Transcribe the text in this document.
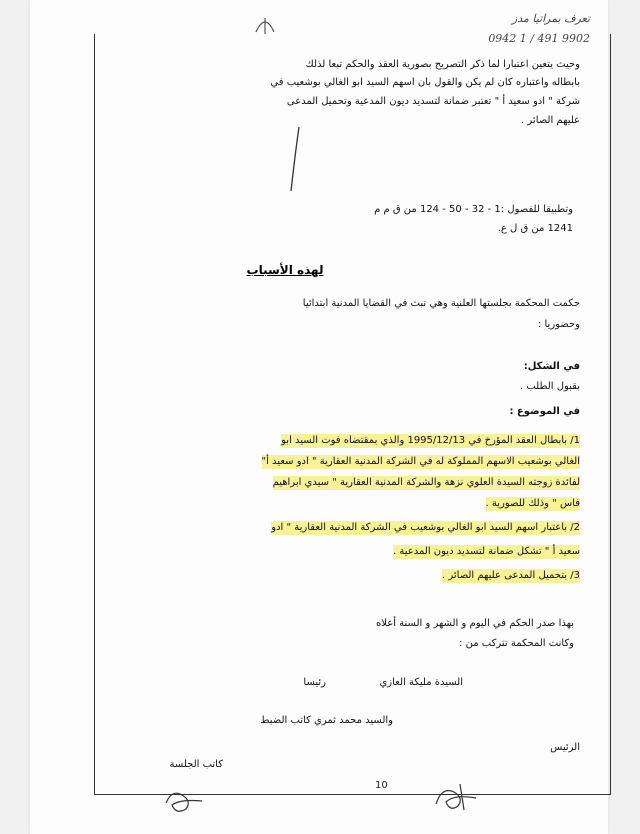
تعرف بمراتيا مدز
0942 1 / 491 9902
وحيث يتعين اعتبارا لما ذكر التصريح بصورية العقد والحكم تبعا لذلك
بابطاله واعتباره كان لم يكن والقول بان اسهم السيد ابو الغالي بوشعيب في
شركة " ادو سعيد أ " تعتبر ضمانة لتسديد ديون المدعية وتحميل المدعى
عليهم الصائر .
وتطبيقا للفصول :1 - 32 - 50 - 124 من ق م م
1241 من ق ل ع.
لهذه الأسباب
حكمت المحكمة بجلستها العلنية وهي تبث في القضايا المدنية ابتدائيا
وحضوريا :
في الشكل:
بقبول الطلب .
في الموضوع :
1/ بابطال العقد المؤرخ في 1995/12/13 والذي بمقتضاه فوت السيد ابو
الغالي بوشعيب الاسهم المملوكة له في الشركة المدنية العقارية " ادو سعيد أ"
لفائدة زوجته السيدة العلوي نزهة والشركة المدنية العقارية " سيدي ابراهيم
فاس " وذلك للصورية .
2/ باعتبار اسهم السيد ابو الغالي بوشعيب في الشركة المدنية العقارية " ادو
سعيد أ " تشكل ضمانة لتسديد ديون المدعية .
3/ بتحميل المدعى عليهم الصائر .
بهذا صدر الحكم في اليوم و الشهر و السنة أعلاه
وكانت المحكمة تتركب من :
السيدة مليكة العازي
رئيسا
والسيد محمد ثمري كاتب الضبط
الرئيس
كاتب الجلسة
10
